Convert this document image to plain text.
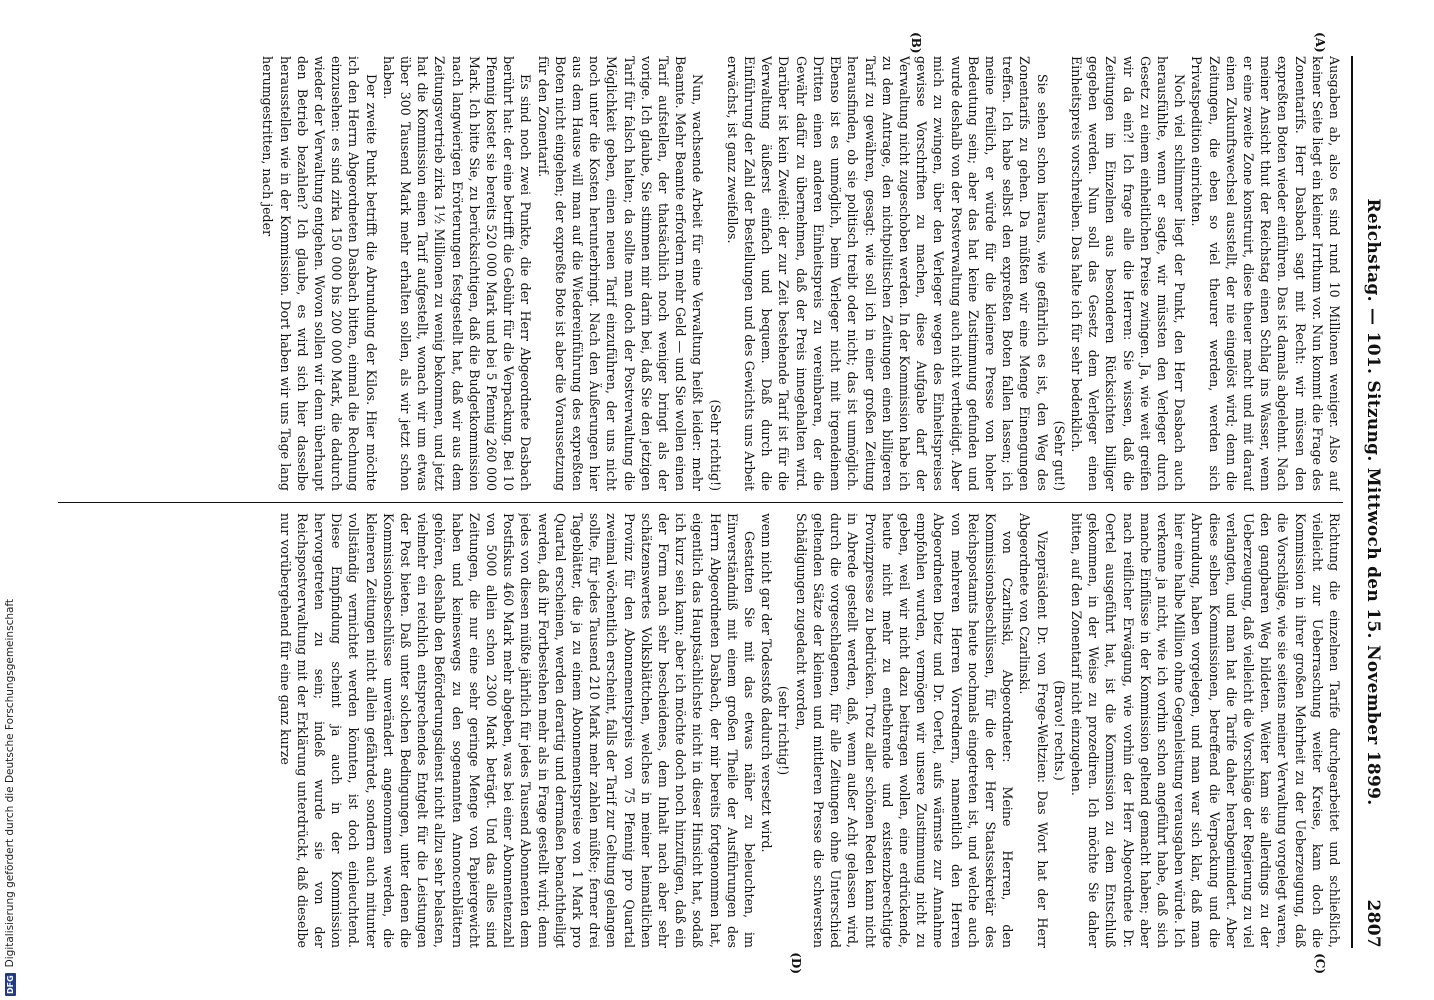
DFG
Digitalisierung gefördert durch die Deutsche Forschungsgemeinschaft	Reichstag. — 101. Sitzung. Mittwoch den 15. November 1899.
2807
(A)
(B)
(C)
(D)

Ausgaben ab, also es sind rund 10 Millionen weniger. Also auf keiner Seite liegt ein kleiner Irrthum vor. Nun kommt die Frage des Zonentarifs. Herr Dasbach sagt mit Recht: wir müssen den expreßten Boten wieder einführen. Das ist damals abgelehnt. Nach meiner Ansicht thut der Reichstag einen Schlag ins Wasser, wenn er eine zweite Zone konstruirt, diese theuer macht und mit darauf einen Zukunftswechsel ausstellt, der nie eingelöst wird; denn die Zeitungen, die eben so viel theurer werden, werden sich Privatspedition einrichten.

Noch viel schlimmer liegt der Punkt, den Herr Dasbach auch herausfühlte, wenn er sagte, wir müssten den Verleger durch Gesetz zu einem einheitlichen Preise zwingen. Ja, wie weit greifen wir da ein?! Ich frage alle die Herren: Sie wissen, daß die Zeitungen im Einzelnen aus besonderen Rücksichten billiger gegeben werden. Nun soll das Gesetz dem Verleger einen Einheitspreis vorschreiben. Das halte ich für sehr bedenklich.

(Sehr gut!)

Sie sehen schon hieraus, wie gefährlich es ist, den Weg des Zonentarifs zu gehen. Da müßten wir eine Menge Einengungen treffen. Ich habe selbst den expreßten Boten fallen lassen; ich meine freilich, er würde für die kleinere Presse von hoher Bedeutung sein; aber das hat keine Zustimmung gefunden und wurde deshalb von der Postverwaltung auch nicht vertheidigt. Aber mich zu zwingen, über den Verleger wegen des Einheitspreises gewisse Vorschriften zu machen, diese Aufgabe darf der Verwaltung nicht zugeschoben werden. In der Kommission habe ich zu dem Antrage, den nichtpolitischen Zeitungen einen billigeren Tarif zu gewähren, gesagt: wie soll ich in einer großen Zeitung herausfinden, ob sie politisch treibt oder nicht; das ist unmöglich. Ebenso ist es unmöglich, beim Verleger nicht mit irgendeinem Dritten einen anderen Einheitspreis zu vereinbaren, der die Gewähr dafür zu übernehmen, daß der Preis innegehalten wird. Darüber ist kein Zweifel: der zur Zeit bestehende Tarif ist für die Verwaltung äußerst einfach und bequem. Daß durch die Einführung der Zahl der Bestellungen und des Gewichts uns Arbeit erwächst, ist ganz zweifellos.

(Sehr richtig!)

Nun, wachsende Arbeit für eine Verwaltung heißt leider: mehr Beamte. Mehr Beamte erfordern mehr Geld — und Sie wollen einen Tarif aufstellen, der thatsächlich noch weniger bringt als der vorige. Ich glaube, Sie stimmen mir darin bei, daß Sie den jetzigen Tarif für falsch halten; da sollte man doch der Postverwaltung die Möglichkeit geben, einen neuen Tarif einzuführen, der uns nicht noch unter die Kosten herunterbringt. Nach den Äußerungen hier aus dem Hause will man auf die Wiedereinführung des expreßten Boten nicht eingehen; der expreßte Bote ist aber die Voraussetzung für den Zonentarif.

Es sind noch zwei Punkte, die der Herr Abgeordnete Dasbach berührt hat: der eine betrifft die Gebühr für die Verpackung. Bei 10 Pfennig kostet sie bereits 520 000 Mark und bei 5 Pfennig 260 000 Mark. Ich bitte Sie, zu berücksichtigen, daß die Budgetkommission nach langwierigen Erörterungen festgestellt hat, daß wir aus dem Zeitungsvertrieb zirka 1½ Millionen zu wenig bekommen, und jetzt hat die Kommission einen Tarif aufgestellt, wonach wir um etwas über 300 Tausend Mark mehr erhalten sollen, als wir jetzt schon haben.

Der zweite Punkt betrifft die Abrundung der Kilos. Hier möchte ich den Herrn Abgeordneten Dasbach bitten, einmal die Rechnung einzusehen: es sind zirka 150 000 bis 200 000 Mark, die dadurch wieder der Verwaltung entgehen. Wovon sollen wir denn überhaupt den Betrieb bezahlen? Ich glaube, es wird sich hier dasselbe herausstellen wie in der Kommission. Dort haben wir uns Tage lang herumgestritten, nach jeder

Richtung die einzelnen Tarife durchgearbeitet und schließlich, vielleicht zur Ueberraschung weiter Kreise, kam doch die Kommission in ihrer großen Mehrheit zu der Ueberzeugung, daß die Vorschläge, wie sie seitens meiner Verwaltung vorgelegt waren, den gangbaren Weg bildeten. Weiter kam sie allerdings zu der Ueberzeugung, daß vielleicht die Vorschläge der Regierung zu viel verlangten, und man hat die Tarife daher herabgemindert. Aber diese selben Kommissionen, betreffend die Verpackung und die Abrundung, haben vorgelegen, und man war sich klar, daß man hier eine halbe Million ohne Gegenleistung verausgaben würde. Ich verkenne ja nicht, wie ich vorhin schon angeführt habe, daß sich manche Einflüsse in der Kommission geltend gemacht haben; aber nach reiflicher Erwägung, wie vorhin der Herr Abgeordnete Dr. Oertel ausgeführt hat, ist die Kommission zu dem Entschluß gekommen, in der Weise zu prozediren. Ich möchte Sie daher bitten, auf den Zonentarif nicht einzugehen.

(Bravo! rechts.)

Vizepräsident Dr. von Frege-Weltzien: Das Wort hat der Herr Abgeordnete von Czarlinski.

von Czarlinski, Abgeordneter: Meine Herren, den Kommissionsbeschlüssen, für die der Herr Staatssekretär des Reichspostamts heute nochmals eingetreten ist, und welche auch von mehreren Herren Vorrednern, namentlich den Herren Abgeordneten Dietz und Dr. Oertel, aufs wärmste zur Annahme empfohlen wurden, vermögen wir unsere Zustimmung nicht zu geben, weil wir nicht dazu beitragen wollen, eine erdrückende, heute nicht mehr zu entbehrende und existenzberechtigte Provinzpresse zu bedrücken. Trotz aller schönen Reden kann nicht in Abrede gestellt werden, daß, wenn außer Acht gelassen wird, durch die vorgeschlagenen, für alle Zeitungen ohne Unterschied geltenden Sätze der kleinen und mittleren Presse die schwersten Schädigungen zugedacht worden,

(sehr richtig!)

wenn nicht gar der Todesstoß dadurch versetzt wird.

Gestatten Sie mit das etwas näher zu beleuchten, im Einverständniß mit einem großen Theile der Ausführungen des Herrn Abgeordneten Dasbach, der mir bereits fortgenommen hat, eigentlich das Hauptsächlichste nicht in dieser Hinsicht hat, sodaß ich kurz sein kann; aber ich möchte doch noch hinzufügen, daß ein der Form nach sehr bescheidenes, dem Inhalt nach aber sehr schätzenswertes Volksblättchen, welches in meiner heimatlichen Provinz für den Abonnementspreis von 75 Pfennig pro Quartal zweimal wöchentlich erscheint, falls der Tarif zur Geltung gelangen sollte, für jedes Tausend 210 Mark mehr zahlen müßte; ferner drei Tageblätter, die ja zu einem Abonnementspreise von 1 Mark pro Quartal erscheinen, werden derartig und dermaßen benachtheiligt werden, daß ihr Fortbestehen mehr als in Frage gestellt wird; denn jedes von diesen müßte jährlich für jedes Tausend Abonnenten dem Postfiskus 460 Mark mehr abgeben, was bei einer Abonnentenzahl von 5000 allein schon 2300 Mark beträgt. Und das alles sind Zeitungen, die nur eine sehr geringe Menge von Papiergewicht haben und keineswegs zu den sogenannten Annoncenblättern gehören, deshalb den Beförderungsdienst nicht allzu sehr belasten, vielmehr ein reichlich entsprechendes Entgelt für die Leistungen der Post bieten. Daß unter solchen Bedingungen, unter denen die Kommissionsbeschlüsse unverändert angenommen werden, die kleineren Zeitungen nicht allein gefährdet, sondern auch mitunter vollständig vernichtet werden könnten, ist doch einleuchtend. Diese Empfindung scheint ja auch in der Kommission hervorgetreten zu sein; indeß wurde sie von der Reichspostverwaltung mit der Erklärung unterdrückt, daß dieselbe nur vorübergehend für eine ganz kurze
